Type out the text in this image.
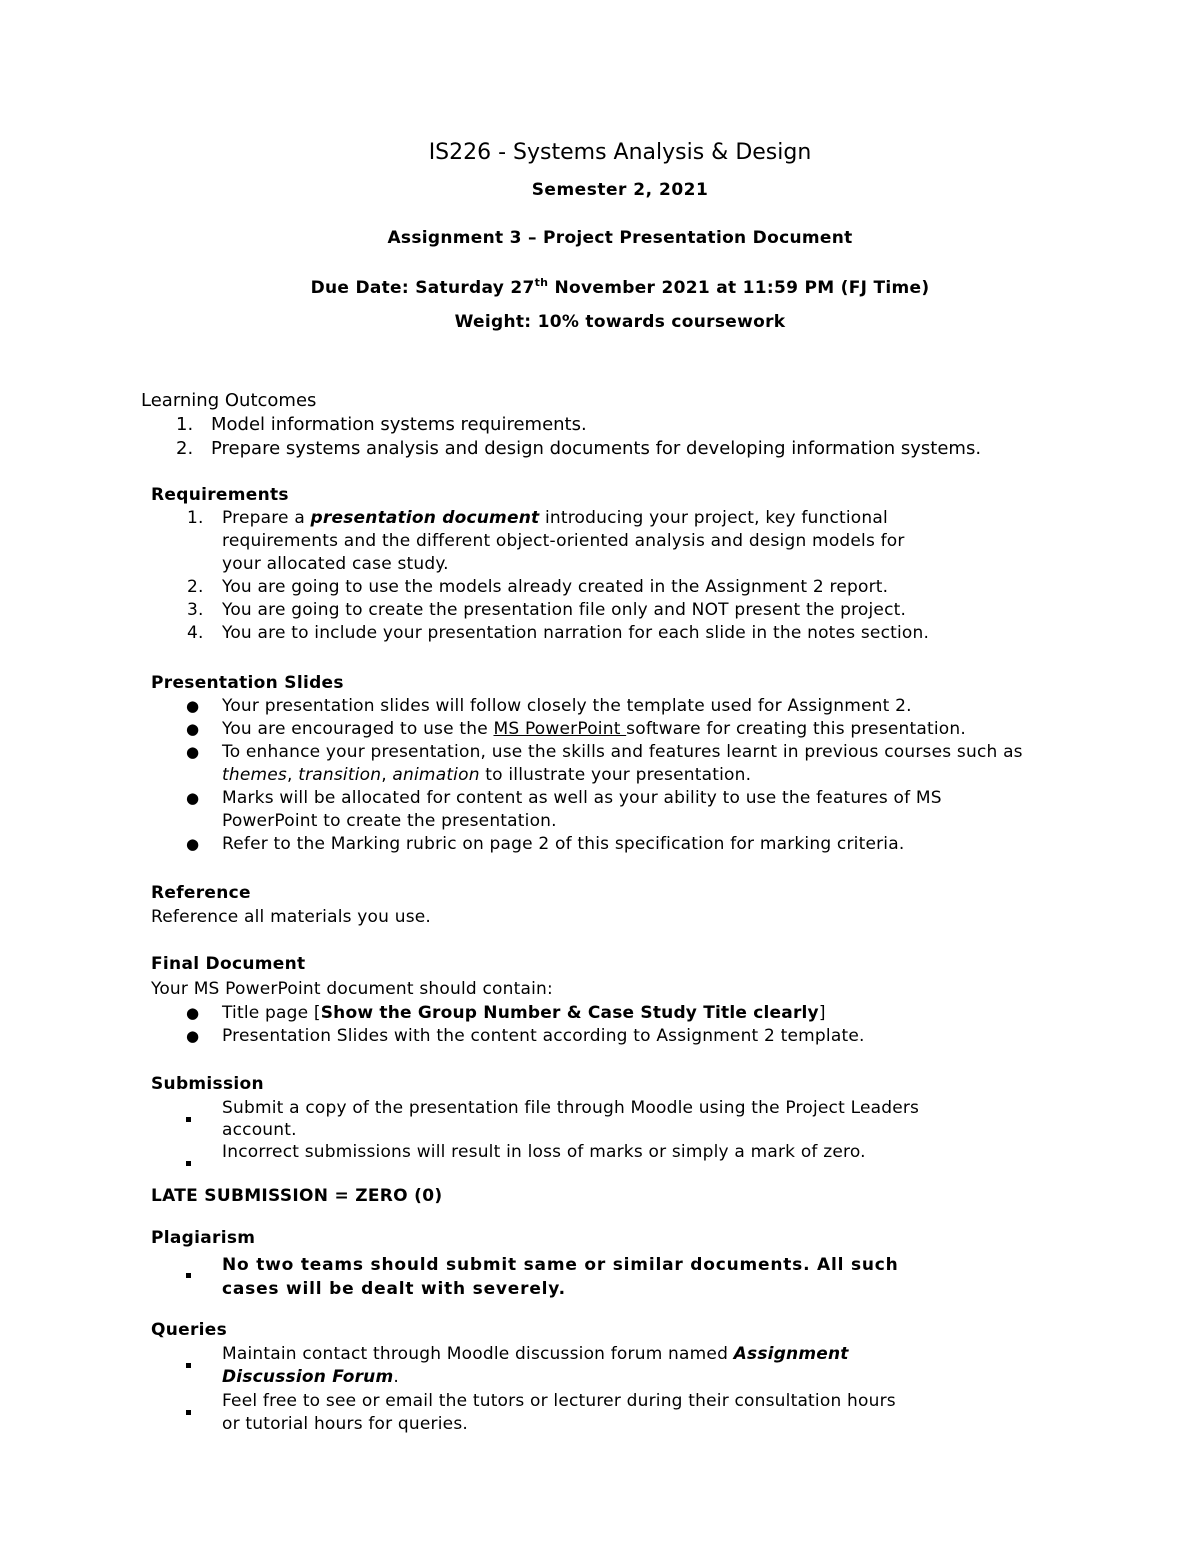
IS226 - Systems Analysis & Design
Semester 2, 2021
Assignment 3 – Project Presentation Document
Due Date: Saturday 27th November 2021 at 11:59 PM (FJ Time)
Weight: 10% towards coursework
Learning Outcomes
1. Model information systems requirements.

2. Prepare systems analysis and design documents for developing information systems.

Requirements
1. Prepare a presentation document introducing your project, key functional
requirements and the different object-oriented analysis and design models for
your allocated case study.
2. You are going to use the models already created in the Assignment 2 report.

3. You are going to create the presentation file only and NOT present the project.

4. You are to include your presentation narration for each slide in the notes section.

Presentation Slides
● Your presentation slides will follow closely the template used for Assignment 2.

● You are encouraged to use the MS PowerPoint software for creating this presentation.

● To enhance your presentation, use the skills and features learnt in previous courses such as
themes, transition, animation to illustrate your presentation.
● Marks will be allocated for content as well as your ability to use the features of MS
PowerPoint to create the presentation.
● Refer to the Marking rubric on page 2 of this specification for marking criteria.

Reference
Reference all materials you use.
Final Document
Your MS PowerPoint document should contain:
● Title page [Show the Group Number & Case Study Title clearly]

● Presentation Slides with the content according to Assignment 2 template.

Submission
Submit a copy of the presentation file through Moodle using the Project Leaders
account.
Incorrect submissions will result in loss of marks or simply a mark of zero.

LATE SUBMISSION = ZERO (0)
Plagiarism
No two teams should submit same or similar documents. All such
cases will be dealt with severely.
Queries
Maintain contact through Moodle discussion forum named Assignment
Discussion Forum.
Feel free to see or email the tutors or lecturer during their consultation hours
or tutorial hours for queries.
